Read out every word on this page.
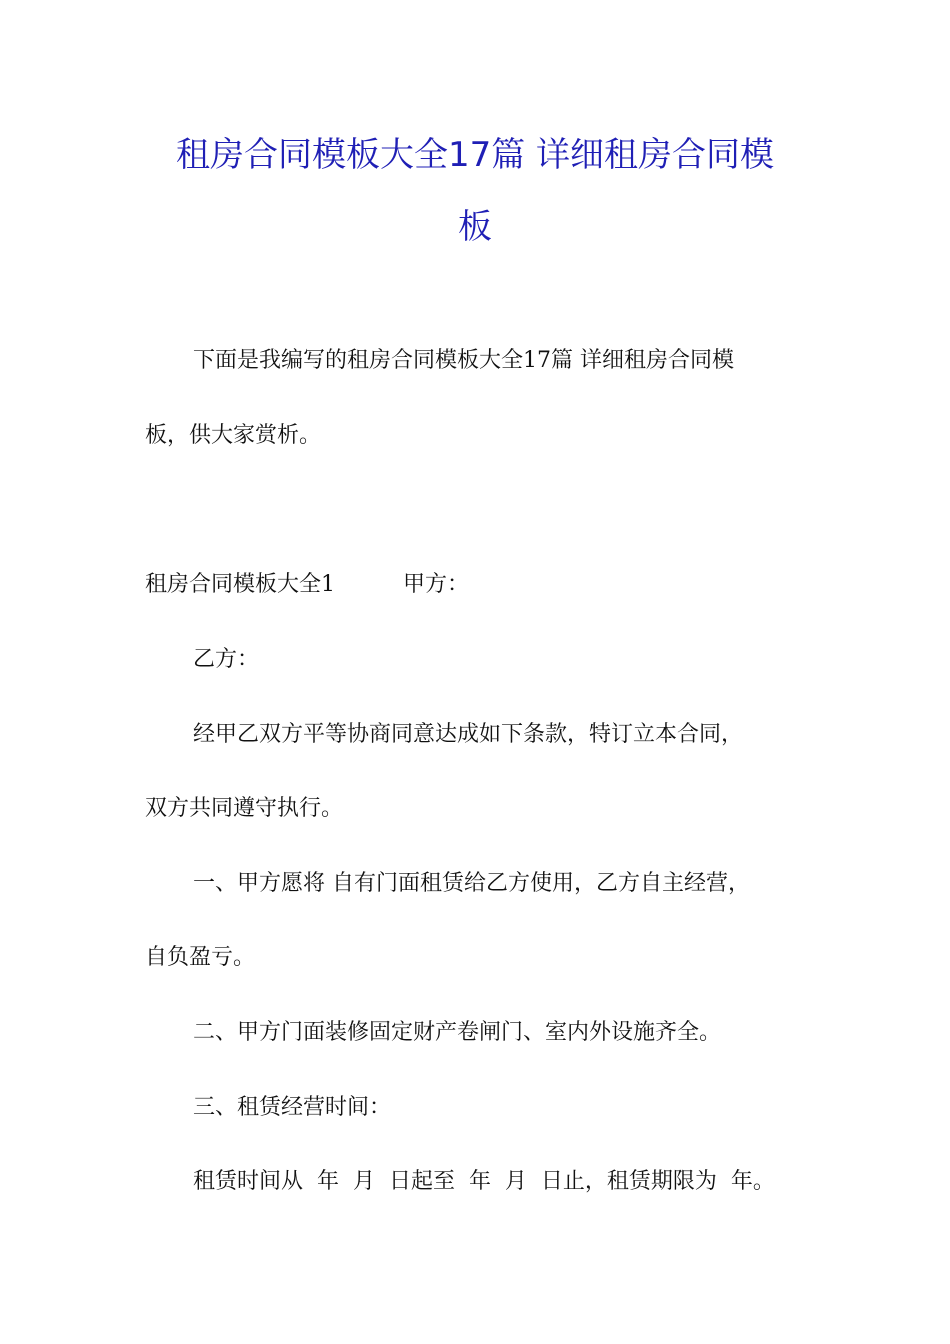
租房合同模板大全17篇 详细租房合同模
板

下面是我编写的租房合同模板大全17篇 详细租房合同模

板，供大家赏析。

租房合同模板大全1	甲方：

乙方：

经甲乙双方平等协商同意达成如下条款，特订立本合同，

双方共同遵守执行。

一、甲方愿将 自有门面租赁给乙方使用，乙方自主经营，

自负盈亏。

二、甲方门面装修固定财产卷闸门、室内外设施齐全。

三、租赁经营时间：

租赁时间从  年  月  日起至  年  月  日止，租赁期限为  年。
